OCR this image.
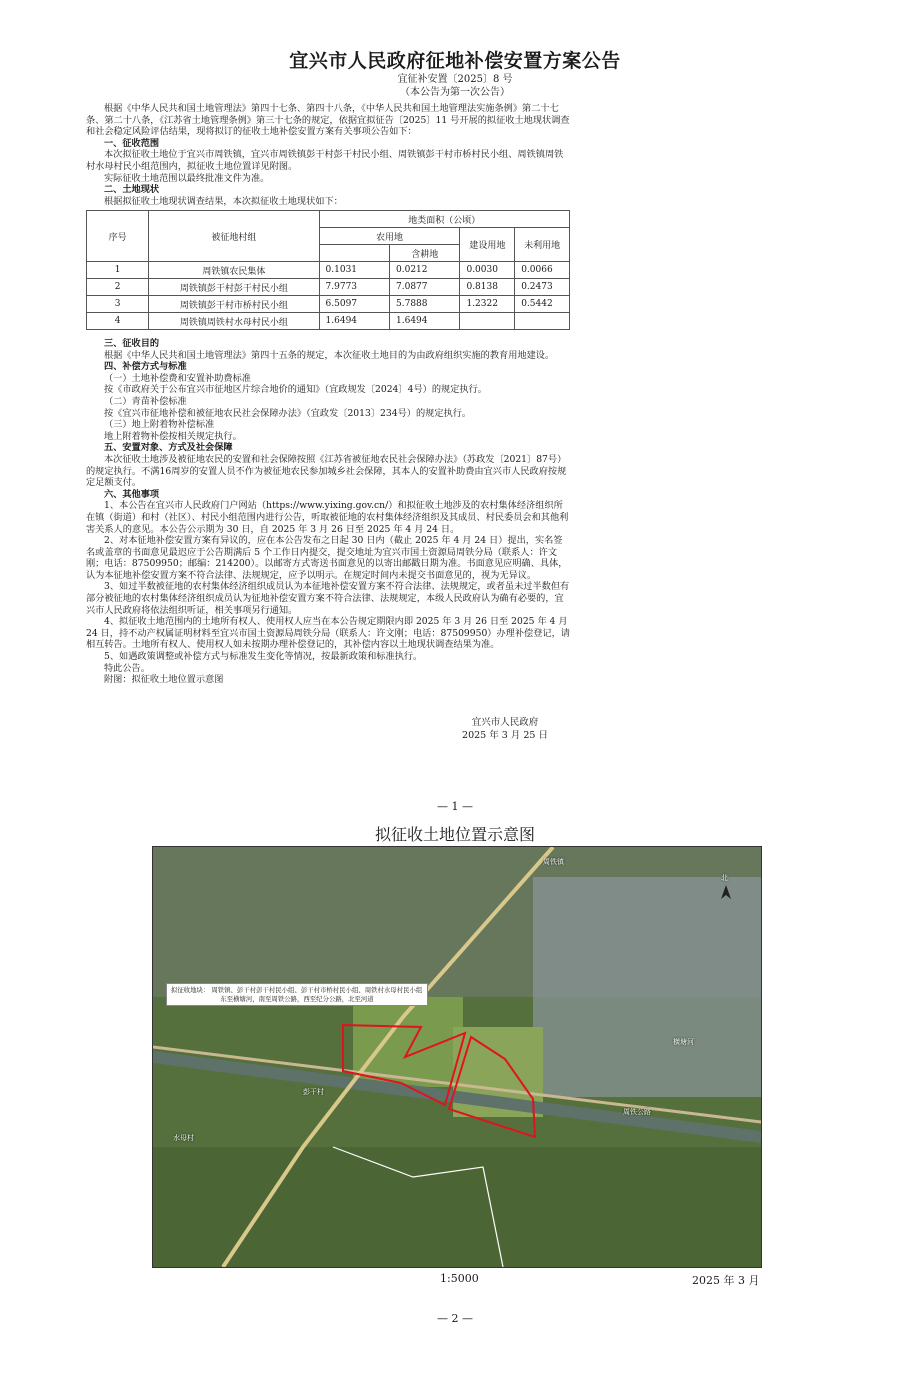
宜兴市人民政府征地补偿安置方案公告
宜征补安置〔2025〕8 号
（本公告为第一次公告）

根据《中华人民共和国土地管理法》第四十七条、第四十八条，《中华人民共和国土地管理法实施条例》第二十七条、第二十八条，《江苏省土地管理条例》第三十七条的规定，依据宜拟征告〔2025〕11 号开展的拟征收土地现状调查和社会稳定风险评估结果，现将拟订的征收土地补偿安置方案有关事项公告如下：

一、征收范围

本次拟征收土地位于宜兴市周铁镇，宜兴市周铁镇彭干村彭干村民小组、周铁镇彭干村市桥村民小组、周铁镇周铁村水母村民小组范围内，拟征收土地位置详见附图。

实际征收土地范围以最终批准文件为准。

二、土地现状

根据拟征收土地现状调查结果，本次拟征收土地现状如下：

序号	被征地村组	地类面积（公顷）			
		农用地		建设用地	未利用地
			含耕地		
1	周铁镇农民集体	0.1031	0.0212	0.0030	0.0066
2	周铁镇彭干村彭干村民小组	7.9773	7.0877	0.8138	0.2473
3	周铁镇彭干村市桥村民小组	6.5097	5.7888	1.2322	0.5442
4	周铁镇周铁村水母村民小组	1.6494	1.6494		

三、征收目的

根据《中华人民共和国土地管理法》第四十五条的规定，本次征收土地目的为由政府组织实施的教育用地建设。

四、补偿方式与标准

（一）土地补偿费和安置补助费标准

按《市政府关于公布宜兴市征地区片综合地价的通知》（宜政规发〔2024〕4号）的规定执行。

（二）青苗补偿标准

按《宜兴市征地补偿和被征地农民社会保障办法》（宜政发〔2013〕234号）的规定执行。

（三）地上附着物补偿标准

地上附着物补偿按相关规定执行。

五、安置对象、方式及社会保障

本次征收土地涉及被征地农民的安置和社会保障按照《江苏省被征地农民社会保障办法》（苏政发〔2021〕87号）的规定执行。不满16周岁的安置人员不作为被征地农民参加城乡社会保障，其本人的安置补助费由宜兴市人民政府按规定足额支付。

六、其他事项

1、本公告在宜兴市人民政府门户网站（https://www.yixing.gov.cn/）和拟征收土地涉及的农村集体经济组织所在镇（街道）和村（社区）、村民小组范围内进行公告，听取被征地的农村集体经济组织及其成员、村民委员会和其他利害关系人的意见。本公告公示期为 30 日，自 2025 年 3 月 26 日至 2025 年 4 月 24 日。

2、对本征地补偿安置方案有异议的，应在本公告发布之日起 30 日内（截止 2025 年 4 月 24 日）提出，实名签名或盖章的书面意见最迟应于公告期满后 5 个工作日内提交，提交地址为宜兴市国土资源局周铁分局（联系人：许文刚；电话：87509950；邮编：214200）。以邮寄方式寄送书面意见的以寄出邮戳日期为准。书面意见应明确、具体，认为本征地补偿安置方案不符合法律、法规规定，应予以明示。在规定时间内未提交书面意见的，视为无异议。

3、如过半数被征地的农村集体经济组织成员认为本征地补偿安置方案不符合法律、法规规定，或者虽未过半数但有部分被征地的农村集体经济组织成员认为征地补偿安置方案不符合法律、法规规定，本级人民政府认为确有必要的，宜兴市人民政府将依法组织听证，相关事项另行通知。

4、拟征收土地范围内的土地所有权人、使用权人应当在本公告规定期限内即 2025 年 3 月 26 日至 2025 年 4 月 24 日，持不动产权属证明材料至宜兴市国土资源局周铁分局（联系人：许文刚；电话：87509950）办理补偿登记，请相互转告。土地所有权人、使用权人如未按期办理补偿登记的，其补偿内容以土地现状调查结果为准。

5、如遇政策调整或补偿方式与标准发生变化等情况，按最新政策和标准执行。

特此公告。

附图：拟征收土地位置示意图

宜兴市人民政府
2025 年 3 月 25 日
— 1 —
拟征收土地位置示意图
周铁镇
彭干村
水母村
横塘河
周铁公路
北
拟征收地块： 周铁镇、彭干村彭干村民小组、彭干村市桥村民小组、周铁村水母村民小组
东至横塘河，南至周铁公路，西至纪分公路，北至河道
1:5000	2025 年 3 月
— 2 —
